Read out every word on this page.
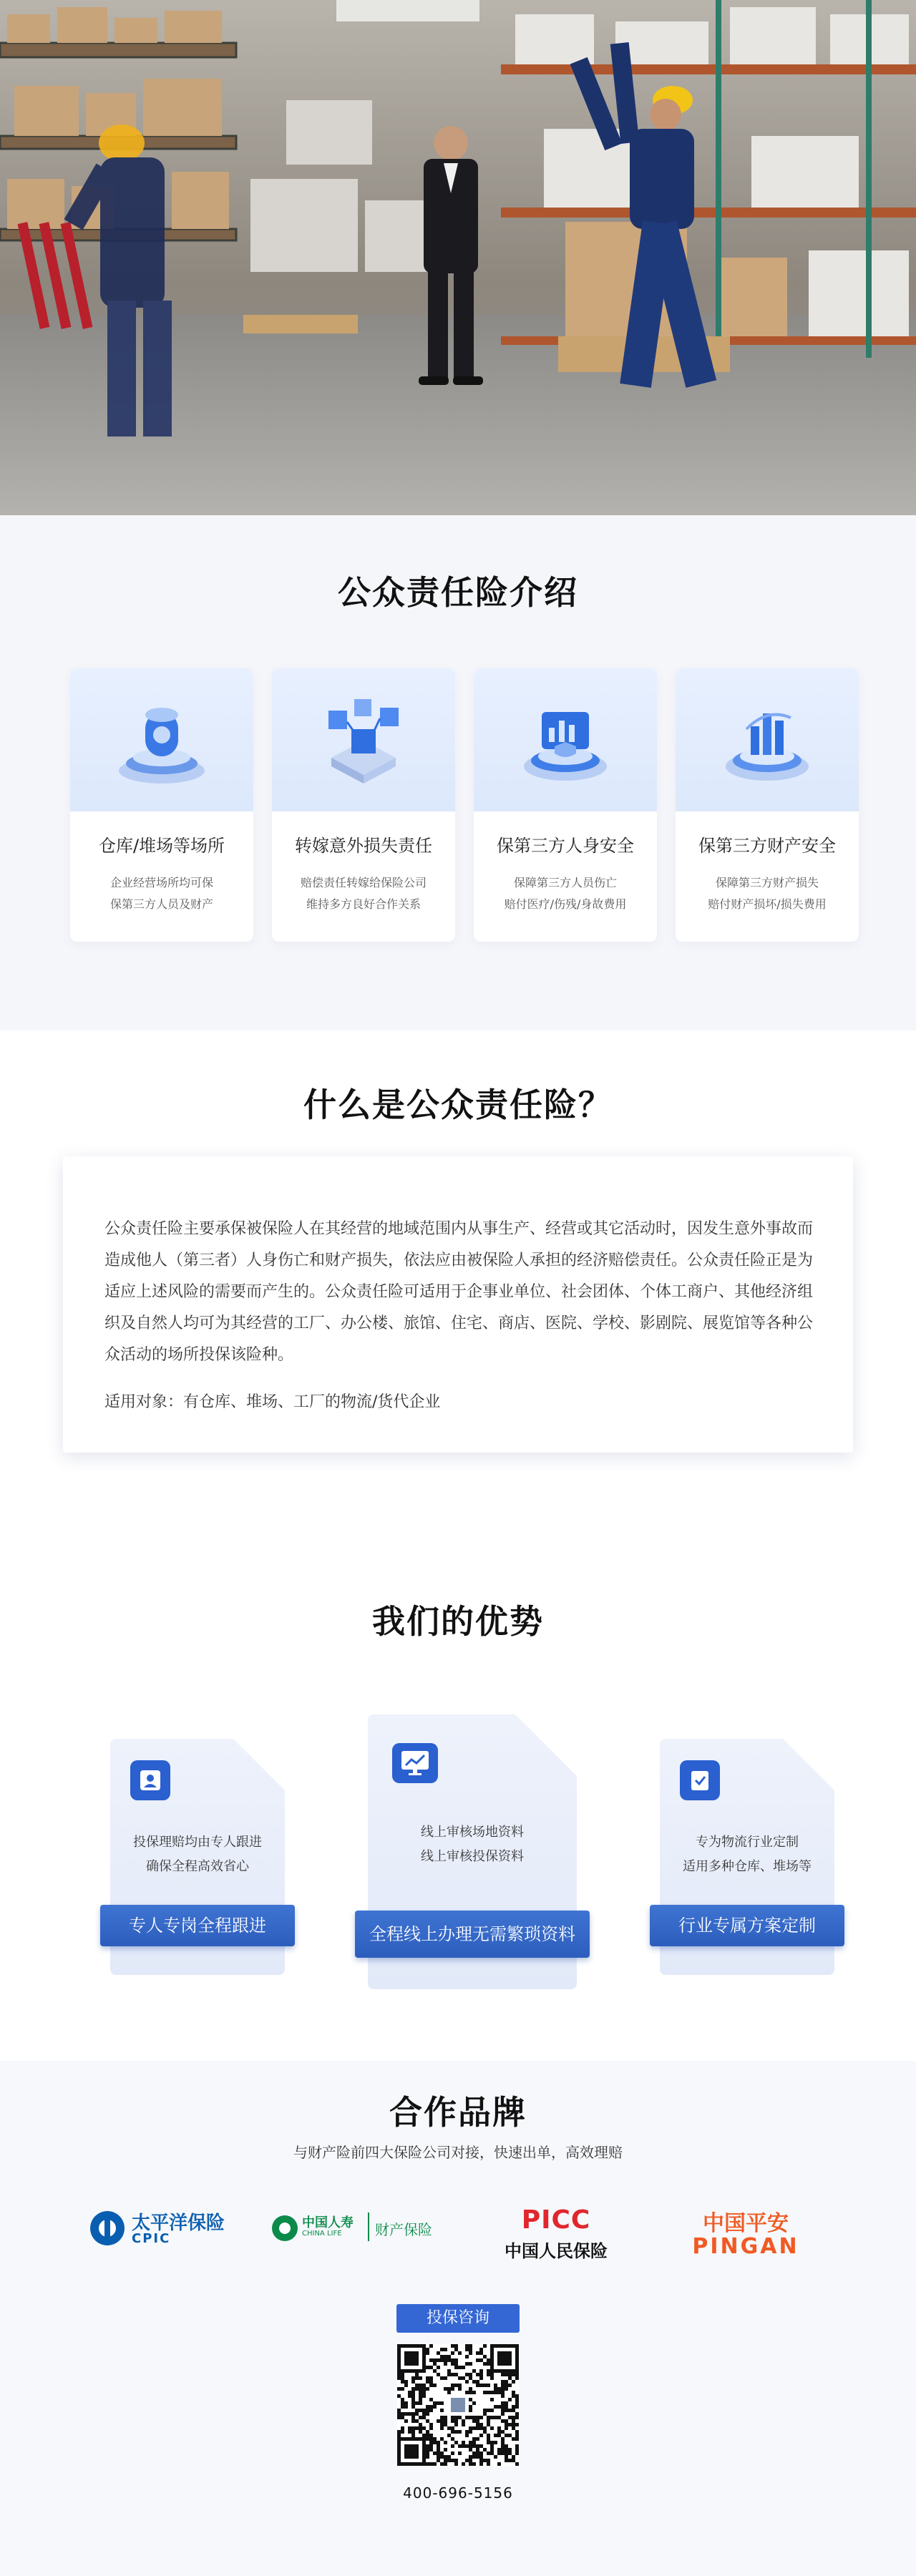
公众责任险介绍
仓库/堆场等场所
企业经营场所均可保
保第三方人员及财产
转嫁意外损失责任
赔偿责任转嫁给保险公司
维持多方良好合作关系
保第三方人身安全
保障第三方人员伤亡
赔付医疗/伤残/身故费用
保第三方财产安全
保障第三方财产损失
赔付财产损坏/损失费用
什么是公众责任险？

公众责任险主要承保被保险人在其经营的地域范围内从事生产、经营或其它活动时，因发生意外事故而造成他人（第三者）人身伤亡和财产损失，依法应由被保险人承担的经济赔偿责任。公众责任险正是为适应上述风险的需要而产生的。公众责任险可适用于企事业单位、社会团体、个体工商户、其他经济组织及自然人均可为其经营的工厂、办公楼、旅馆、住宅、商店、医院、学校、影剧院、展览馆等各种公众活动的场所投保该险种。

适用对象：有仓库、堆场、工厂的物流/货代企业

我们的优势
投保理赔均由专人跟进
确保全程高效省心
专人专岗全程跟进
线上审核场地资料
线上审核投保资料
全程线上办理无需繁琐资料
专为物流行业定制
适用多种仓库、堆场等
行业专属方案定制
合作品牌
与财产险前四大保险公司对接，快速出单，高效理赔
太平洋保险
CPIC
中国人寿
CHINA LIFE 财产保险	PICC
中国人民保险
中国平安
PINGAN
投保咨询
400-696-5156
